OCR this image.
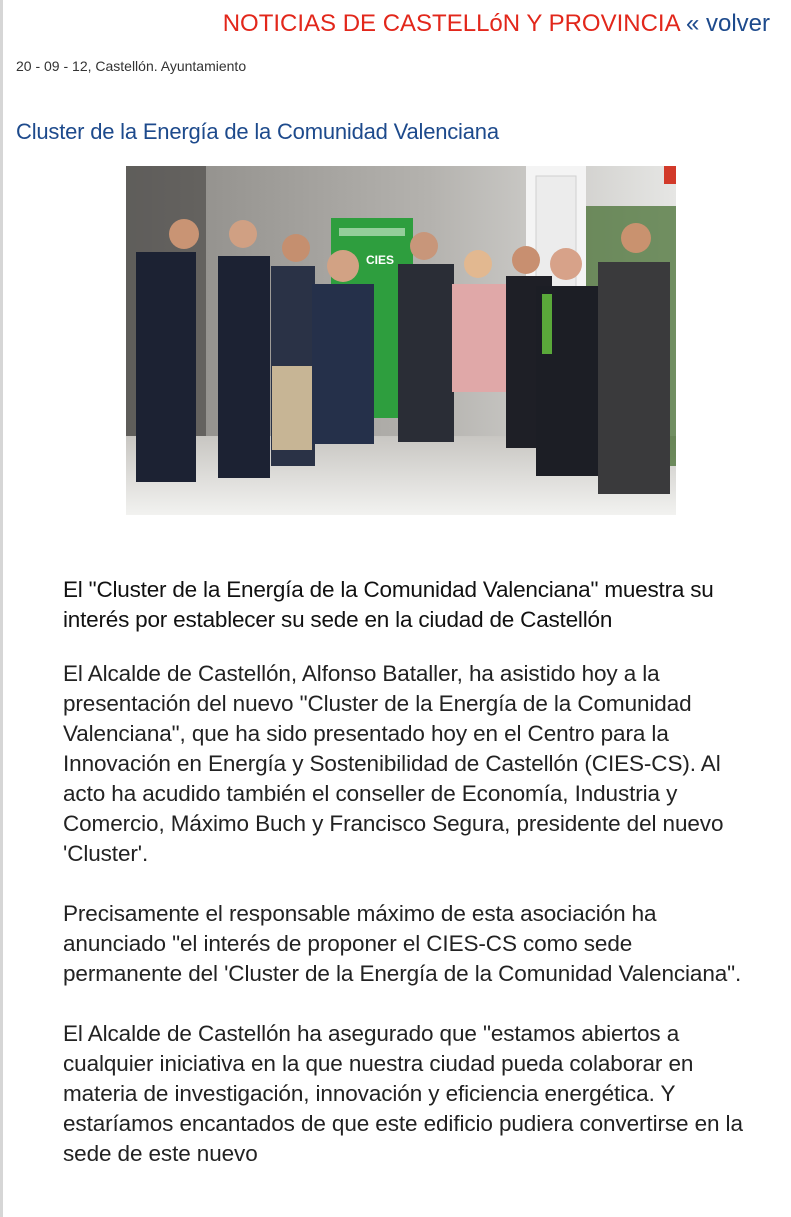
NOTICIAS DE CASTELLóN Y PROVINCIA « volver
20 - 09 - 12, Castellón. Ayuntamiento
Cluster de la Energía de la Comunidad Valenciana
CIES

El "Cluster de la Energía de la Comunidad Valenciana" muestra su interés por establecer su sede en la ciudad de Castellón

El Alcalde de Castellón, Alfonso Bataller, ha asistido hoy a la presentación del nuevo "Cluster de la Energía de la Comunidad Valenciana", que ha sido presentado hoy en el Centro para la Innovación en Energía y Sostenibilidad de Castellón (CIES-CS). Al acto ha acudido también el conseller de Economía, Industria y Comercio, Máximo Buch y Francisco Segura, presidente del nuevo 'Cluster'.

Precisamente el responsable máximo de esta asociación ha anunciado "el interés de proponer el CIES-CS como sede permanente del 'Cluster de la Energía de la Comunidad Valenciana".

El Alcalde de Castellón ha asegurado que "estamos abiertos a cualquier iniciativa en la que nuestra ciudad pueda colaborar en materia de investigación, innovación y eficiencia energética. Y estaríamos encantados de que este edificio pudiera convertirse en la sede de este nuevo
